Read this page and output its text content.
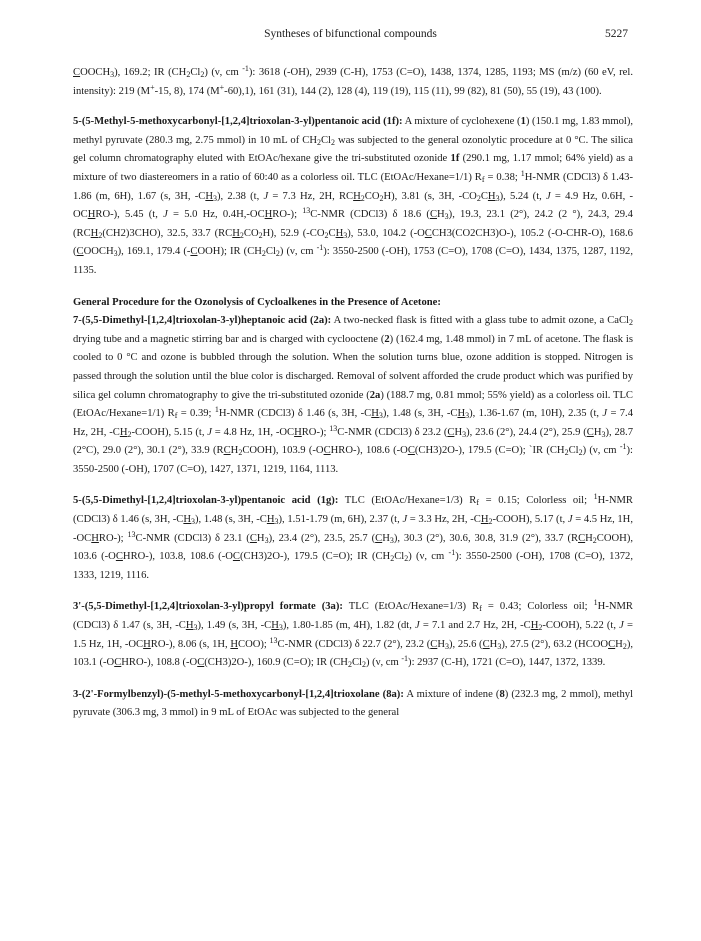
Syntheses of bifunctional compounds	5227

$COOCH_3$), 169.2; IR $(CH_2Cl_2)$ (ν, cm $^{-1}$): 3618 (-OH), 2939 (C-H), 1753 (C=O), 1438, 1374, 1285, 1193; MS (m/z) (60 eV, rel. intensity): 219 (M+-15, 8), 174 (M+-60),1), 161 (31), 144 (2), 128 (4), 119 (19), 115 (11), 99 (82), 81 (50), 55 (19), 43 (100).

5-(5-Methyl-5-methoxycarbonyl-[1,2,4]trioxolan-3-yl)pentanoic acid (1f): A mixture of cyclohexene (1) (150.1 mg, 1.83 mmol), methyl pyruvate (280.3 mg, 2.75 mmol) in 10 mL of $CH_2Cl_2$ was subjected to the general ozonolytic procedure at 0 °C. The silica gel column chromatography eluted with EtOAc/hexane give the tri-substituted ozonide 1f (290.1 mg, 1.17 mmol; 64% yield) as a mixture of two diastereomers in a ratio of 60:40 as a colorless oil. TLC (EtOAc/Hexane=1/1) $R_f = 0.38$; $^1$H-NMR (CDCl3) δ 1.43-1.86 (m, 6H), 1.67 (s, 3H, $-CH_3$), 2.38 (t, J = 7.3 Hz, 2H, $RCH_2CO_2H$), 3.81 (s, 3H, $-CO_2CH_3$), 5.24 (t, J = 4.9 Hz, 0.6H, -OCHRO-), 5.45 (t, J = 5.0 Hz, 0.4H,-OCHRO-); $^{13}$C-NMR (CDCl3) δ 18.6 $(CH_3)$, 19.3, 23.1 (2°), 24.2 (2 °), 24.3, 29.4 $(RCH_2(CH2)3CHO)$, 32.5, 33.7 $(RCH_2CO_2H)$, 52.9 $(-CO_2CH_3)$, 53.0, 104.2 (-OCCH3(CO2CH3)O-), 105.2 (-O-CHR-O), 168.6 $(COOCH_3)$, 169.1, 179.4 (-COOH); IR $(CH_2Cl_2)$ (ν, cm $^{-1}$): 3550-2500 (-OH), 1753 (C=O), 1708 (C=O), 1434, 1375, 1287, 1192, 1135.

General Procedure for the Ozonolysis of Cycloalkenes in the Presence of Acetone:

7-(5,5-Dimethyl-[1,2,4]trioxolan-3-yl)heptanoic acid (2a): A two-necked flask is fitted with a glass tube to admit ozone, a CaCl$_2$ drying tube and a magnetic stirring bar and is charged with cyclooctene (2) (162.4 mg, 1.48 mmol) in 7 mL of acetone. The flask is cooled to 0 °C and ozone is bubbled through the solution. When the solution turns blue, ozone addition is stopped. Nitrogen is passed through the solution until the blue color is discharged. Removal of solvent afforded the crude product which was purified by silica gel column chromatography to give the tri-substituted ozonide (2a) (188.7 mg, 0.81 mmol; 55% yield) as a colorless oil. TLC (EtOAc/Hexane=1/1) $R_f = 0.39$; $^1$H-NMR (CDCl3) δ 1.46 (s, 3H, $-CH_3$), 1.48 (s, 3H, $-CH_3$), 1.36-1.67 (m, 10H), 2.35 (t, J = 7.4 Hz, 2H, $-CH_2-COOH$), 5.15 (t, J = 4.8 Hz, 1H, -OCHRO-); $^{13}$C-NMR (CDCl3) δ 23.2 $(CH_3)$, 23.6 (2°), 24.4 (2°), 25.9 $(CH_3)$, 28.7 (2°C), 29.0 (2°), 30.1 (2°), 33.9 $(RCH_2COOH)$, 103.9 (-OCHRO-), 108.6 (-OC(CH3)2O-), 179.5 (C=O); `IR $(CH_2Cl_2)$ (ν, cm $^{-1}$): 3550-2500 (-OH), 1707 (C=O), 1427, 1371, 1219, 1164, 1113.

5-(5,5-Dimethyl-[1,2,4]trioxolan-3-yl)pentanoic acid (1g): TLC (EtOAc/Hexane=1/3) $R_f = 0.15$; Colorless oil; $^1$H-NMR (CDCl3) δ 1.46 (s, 3H, $-CH_3$), 1.48 (s, 3H, $-CH_3$), 1.51-1.79 (m, 6H), 2.37 (t, J = 3.3 Hz, 2H, $-CH_2-COOH$), 5.17 (t, J = 4.5 Hz, 1H, -OCHRO-); $^{13}$C-NMR (CDCl3) δ 23.1 $(CH_3)$, 23.4 (2°), 23.5, 25.7 $(CH_3)$, 30.3 (2°), 30.6, 30.8, 31.9 (2°), 33.7 $(RCH_2COOH)$, 103.6 (-OCHRO-), 103.8, 108.6 (-OC(CH3)2O-), 179.5 (C=O); IR $(CH_2Cl_2)$ (ν, cm $^{-1}$): 3550-2500 (-OH), 1708 (C=O), 1372, 1333, 1219, 1116.

3'-(5,5-Dimethyl-[1,2,4]trioxolan-3-yl)propyl formate (3a): TLC (EtOAc/Hexane=1/3) $R_f = 0.43$; Colorless oil; $^1$H-NMR (CDCl3) δ 1.47 (s, 3H, $-CH_3$), 1.49 (s, 3H, $-CH_3$), 1.80-1.85 (m, 4H), 1.82 (dt, J = 7.1 and 2.7 Hz, 2H, $-CH_2-COOH$), 5.22 (t, J = 1.5 Hz, 1H, -OCHRO-), 8.06 (s, 1H, HCOO); $^{13}$C-NMR (CDCl3) δ 22.7 (2°), 23.2 $(CH_3)$, 25.6 $(CH_3)$, 27.5 (2°), 63.2 $(HCOOCH_2)$, 103.1 (-OCHRO-), 108.8 (-OC(CH3)2O-), 160.9 (C=O); IR $(CH_2Cl_2)$ (ν, cm $^{-1}$): 2937 (C-H), 1721 (C=O), 1447, 1372, 1339.

3-(2'-Formylbenzyl)-(5-methyl-5-methoxycarbonyl-[1,2,4]trioxolane (8a): A mixture of indene (8) (232.3 mg, 2 mmol), methyl pyruvate (306.3 mg, 3 mmol) in 9 mL of EtOAc was subjected to the general
